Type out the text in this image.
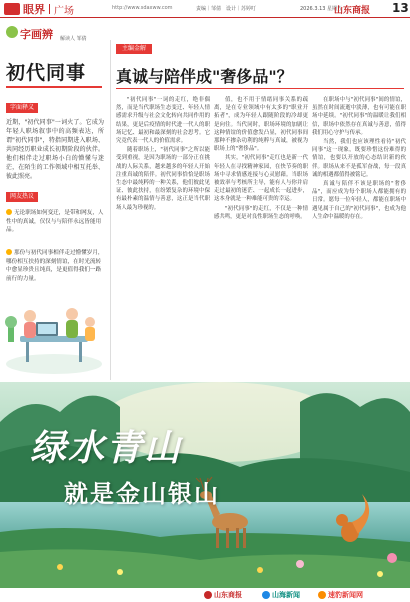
眼界 广场	http://www.sdaxww.com	责编｜邹倩　设计｜苏婷叮	2026.3.13 星期五
山东商报 13
字画辨 解读人 邹倩
初代同事
字面释义
近期，"初代同事"一词火了。它成为年轻人职场叙事中的高频表达，所谓"初代同事"，特指同期进入职场、共同经历职业成长初期阶段的伙伴。他们相伴走过职场小白的懵懂与迷茫，在陌生的工作领域中相互托举、彼此照亮。
网友热议
无论职场如何变迁，是带和网友，人性中的真诚，仅仅与与陪伴永远皆能用品。
那份与初代同事相伴走过懵懂岁月，哪份相互扶持的深刻情谊，在时光流转中愈显珍贵且纯真，是更值得我们一路前行的力量。
主编金解
真诚与陪伴成"奢侈品"？

"初代同事"一词的走红，绝非偶然，而是当代职场生态变迁、年轻人情感需求升级与社会文化转向共同作用的结果，更是后疫情的时代进一代人的职场记忆、最初和最深刻的社会思考。它究竟代表一代人的价值需求。

随着职场上，"初代同事"之所以能受到重视，是因为职场的一部分正在挑战的人际关系，越来越多的年轻人开始注重真诚的陪伴。初代同事恰恰是职场生态中最纯粹的一种关系，他们彼此见证、彼此扶持，在纷繁复杂的环境中保有最朴素的温情与善意，这正是当代职场人最为珍视的。

值，也不用于情绪同事关系的疏离，是在专业领域中有太多的"职业开拓者"，成为年轻人跟随阶段的冷却更是向往。当代同时，职场环境的加剧让这种情谊的价值愈发凸显，初代同事间那种不掺杂功利的纯粹与真诚，被视为职场上的"奢侈品"。

其实，"初代同事"走红也是新一代年轻人在寻找精神家园，在快节奏的职场中寻求情感连接与心灵慰藉。当职场被效率与考核所主导，能有人与你并肩走过最初的迷茫、一起成长一起进步，这本身就是一种难能可贵的幸运。

"初代同事"的走红，不仅是一种情感共鸣，更是对良性职场生态的呼唤。

在职场中与"初代同事"间的情谊，虽然在时间流逝中淡薄，也有可能在职场中延续。"初代同事"的温暖让我们相信，职场中依然存在真诚与善意，值得我们用心守护与传承。

当然，我们也应该理性看待"初代同事"这一现象，既要珍惜这份难得的情谊，也要以开放的心态结识新的伙伴。职场从来不是孤军奋战，每一段真诚的相遇都值得被铭记。

真诚与陪伴不该是职场的"奢侈品"，而应成为每个职场人都能拥有的日常。愿每一位年轻人，都能在职场中遇见属于自己的"初代同事"，也成为他人生命中温暖的存在。

绿水青山
就是金山银山
山东商报	山海新闻	速豹新闻网
